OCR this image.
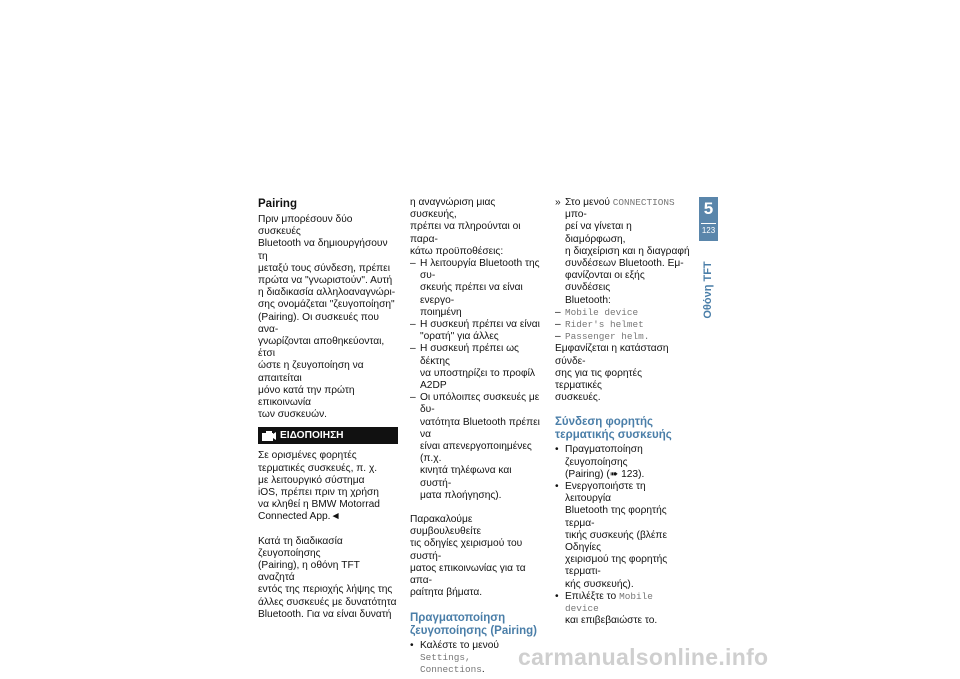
Pairing

Πριν μπορέσουν δύο συσκευές

Bluetooth να δημιουργήσουν τη

μεταξύ τους σύνδεση, πρέπει

πρώτα να "γνωριστούν". Αυτή

η διαδικασία αλληλοαναγνώρι-

σης ονομάζεται "ζευγοποίηση"

(Pairing). Οι συσκευές που ανα-

γνωρίζονται αποθηκεύονται, έτσι

ώστε η ζευγοποίηση να απαιτείται

μόνο κατά την πρώτη επικοινωνία

των συσκευών.

ΕΙΔΟΠΟΙΗΣΗ

Σε ορισμένες φορητές

τερματικές συσκευές, π. χ.

με λειτουργικό σύστημα

iOS, πρέπει πριν τη χρήση

να κληθεί η BMW Motorrad

Connected App.◄

Κατά τη διαδικασία ζευγοποίησης

(Pairing), η οθόνη TFT αναζητά

εντός της περιοχής λήψης της

άλλες συσκευές με δυνατότητα

Bluetooth. Για να είναι δυνατή

η αναγνώριση μιας συσκευής,

πρέπει να πληρούνται οι παρα-

κάτω προϋποθέσεις:

– Η λειτουργία Bluetooth της συ-

σκευής πρέπει να είναι ενεργο-

ποιημένη

– Η συσκευή πρέπει να είναι

"ορατή" για άλλες

– Η συσκευή πρέπει ως δέκτης

να υποστηρίζει το προφίλ A2DP

– Οι υπόλοιπες συσκευές με δυ-

νατότητα Bluetooth πρέπει να

είναι απενεργοποιημένες (π.χ.

κινητά τηλέφωνα και συστή-

ματα πλοήγησης).

Παρακαλούμε συμβουλευθείτε

τις οδηγίες χειρισμού του συστή-

ματος επικοινωνίας για τα απα-

ραίτητα βήματα.

Πραγματοποίηση
ζευγοποίησης (Pairing)
• Καλέστε το μενού Settings,

Connections.

» Στο μενού CONNECTIONS μπο-

ρεί να γίνεται η διαμόρφωση,

η διαχείριση και η διαγραφή

συνδέσεων Bluetooth. Εμ-

φανίζονται οι εξής συνδέσεις

Bluetooth:

– Mobile device

– Rider's helmet

– Passenger helm.

Εμφανίζεται η κατάσταση σύνδε-

σης για τις φορητές τερματικές

συσκευές.

Σύνδεση φορητής
τερματικής συσκευής
• Πραγματοποίηση ζευγοποίησης

(Pairing) (➠ 123).

• Ενεργοποιήστε τη λειτουργία

Bluetooth της φορητής τερμα-

τικής συσκευής (βλέπε Οδηγίες

χειρισμού της φορητής τερματι-

κής συσκευής).

• Επιλέξτε το Mobile device

και επιβεβαιώστε το.

5
123
Οθόνη TFT
carmanualsonline.info
